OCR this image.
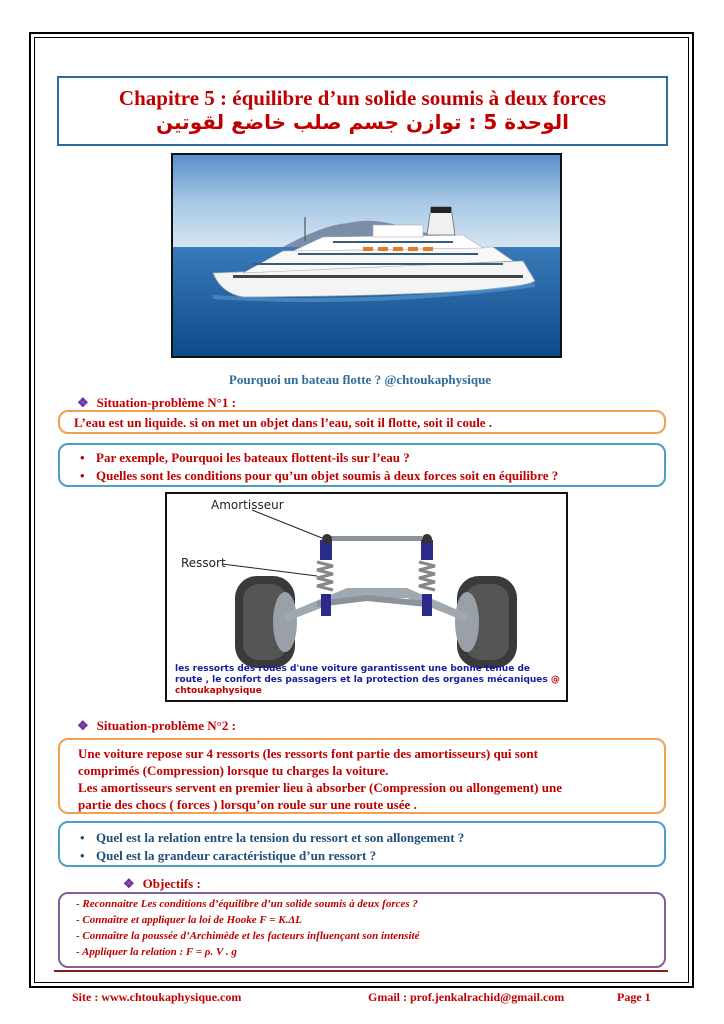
Chapitre 5 : équilibre d’un solide soumis à deux forces
الوحدة 5 : توازن جسم صلب خاضع لقوتين
Pourquoi un bateau flotte ? @chtoukaphysique
❖ Situation-problème N°1 :
L’eau est un liquide. si on met un objet dans l’eau, soit il flotte, soit il coule .
• Par exemple, Pourquoi les bateaux flottent-ils sur l’eau ?
• Quelles sont les conditions pour qu’un objet soumis à deux forces soit en équilibre ?
Amortisseur
Ressort
les ressorts des roues d'une voiture garantissent une bonne tenue de route , le confort des passagers et la protection des organes mécaniques @ chtoukaphysique
❖ Situation-problème N°2 :
Une voiture repose sur 4 ressorts (les ressorts font partie des amortisseurs) qui sont
comprimés (Compression) lorsque tu charges la voiture.
Les amortisseurs servent en premier lieu à absorber (Compression ou allongement) une
partie des chocs ( forces ) lorsqu’on roule sur une route usée .
• Quel est la relation entre la tension du ressort et son allongement ?
• Quel est la grandeur caractéristique d’un ressort ?
❖ Objectifs :
- Reconnaitre Les conditions d’équilibre d’un solide soumis à deux forces ?
- Connaître et appliquer la loi de Hooke F = K.ΔL
- Connaître la poussée d’Archimède et les facteurs influençant son intensité
- Appliquer la relation : F = ρ. V . g
Site : www.chtoukaphysique.com	Gmail : prof.jenkalrachid@gmail.com	Page 1
